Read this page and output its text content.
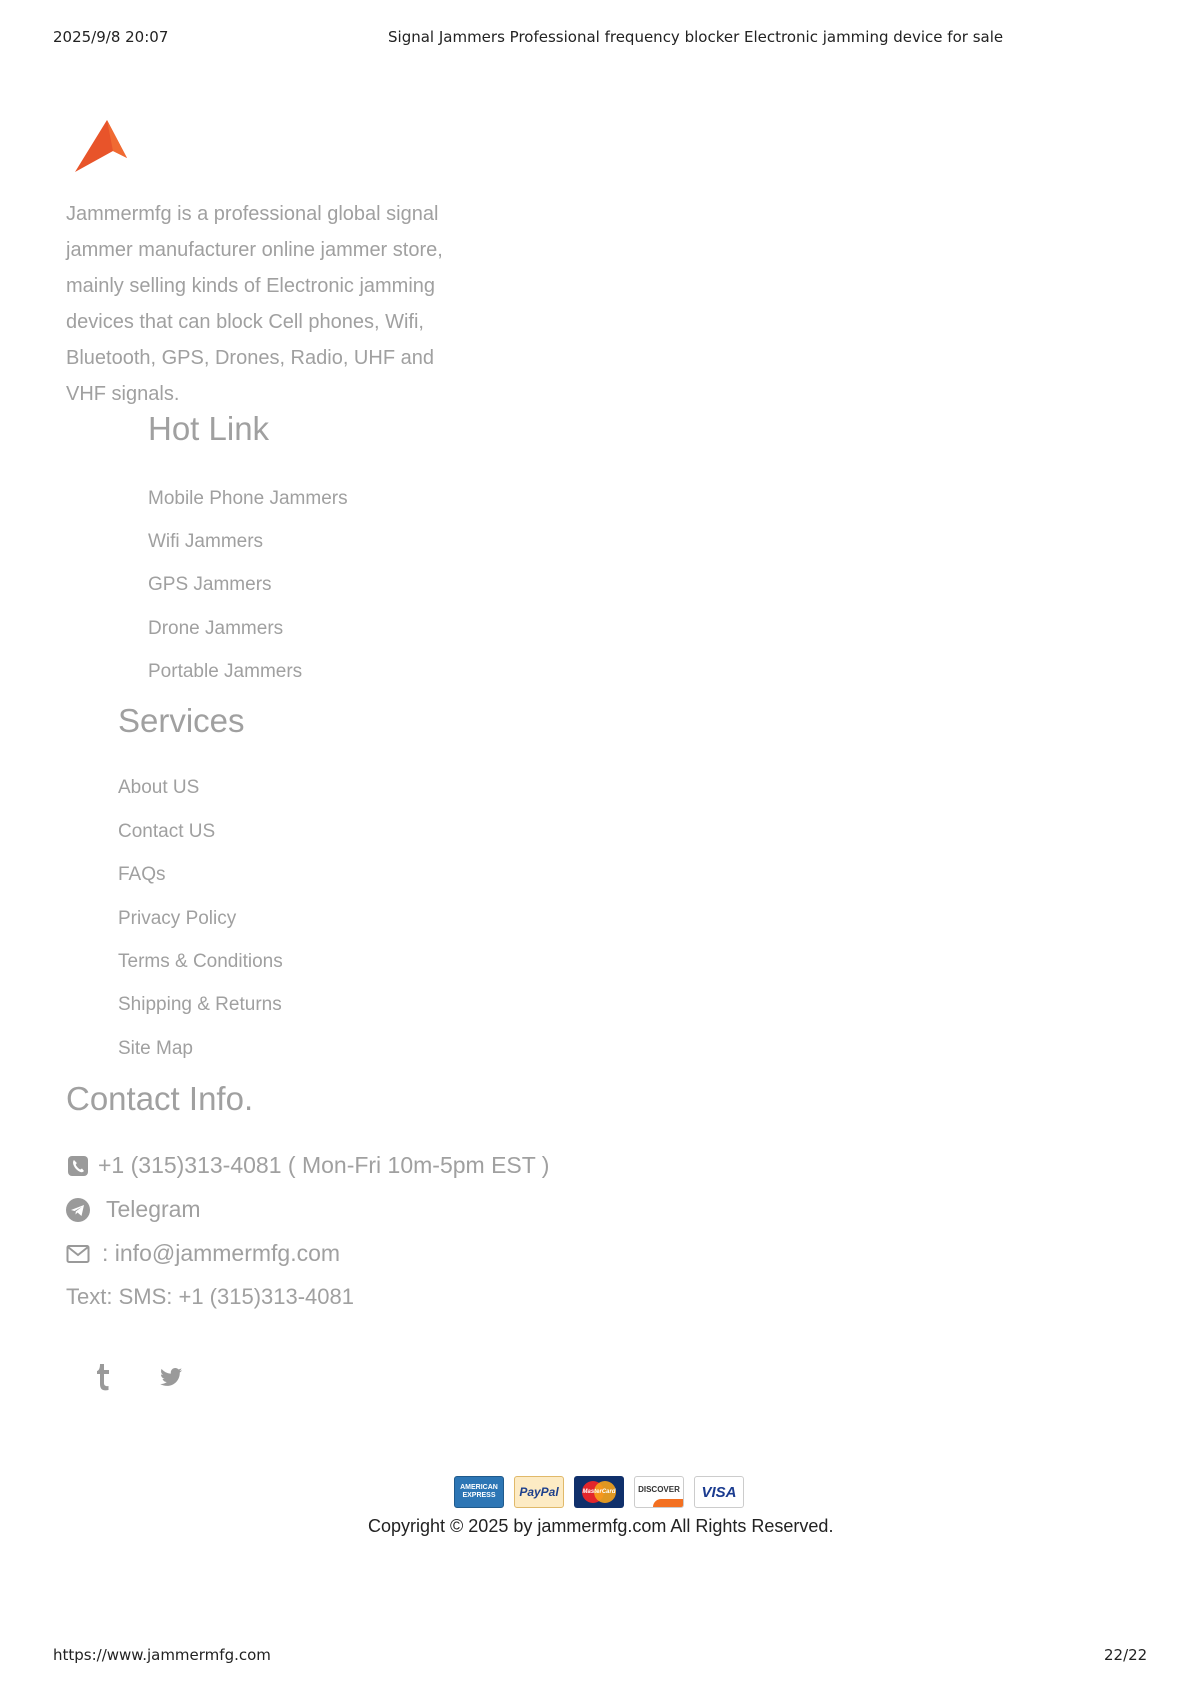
2025/9/8 20:07	Signal Jammers Professional frequency blocker Electronic jamming device for sale
Jammermfg is a professional global signal jammer manufacturer online jammer store, mainly selling kinds of Electronic jamming devices that can block Cell phones, Wifi, Bluetooth, GPS, Drones, Radio, UHF and VHF signals.
Hot Link
Mobile Phone Jammers
Wifi Jammers
GPS Jammers
Drone Jammers
Portable Jammers
Services
About US
Contact US
FAQs
Privacy Policy
Terms & Conditions
Shipping & Returns
Site Map
Contact Info.
+1 (315)313-4081 ( Mon-Fri 10m-5pm EST )
Telegram
: info@jammermfg.com
Text: SMS: +1 (315)313-4081
AMERICAN EXPRESS	PayPal	MasterCard	DISCOVER VISA
Copyright © 2025 by jammermfg.com All Rights Reserved.
https://www.jammermfg.com	22/22
